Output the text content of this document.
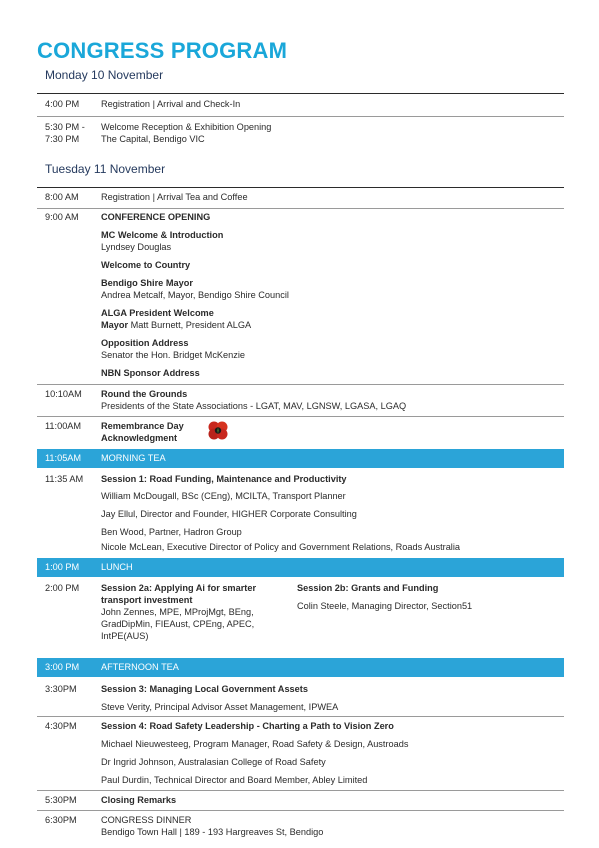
CONGRESS PROGRAM
Monday 10 November
4:00 PM Registration | Arrival and Check-In
5:30 PM -
7:30 PM
Welcome Reception & Exhibition Opening
The Capital, Bendigo VIC
Tuesday 11 November
8:00 AM Registration | Arrival Tea and Coffee
9:00 AM CONFERENCE OPENING
MC Welcome & Introduction
Lyndsey Douglas
Welcome to Country
Bendigo Shire Mayor
Andrea Metcalf, Mayor, Bendigo Shire Council
ALGA President Welcome
Mayor Matt Burnett, President ALGA
Opposition Address
Senator the Hon. Bridget McKenzie
NBN Sponsor Address
10:10AM Round the Grounds
Presidents of the State Associations - LGAT, MAV, LGNSW, LGASA, LGAQ
11:00AM Remembrance Day
Acknowledgment
11:05AM MORNING TEA
11:35 AM Session 1: Road Funding, Maintenance and Productivity
William McDougall, BSc (CEng), MCILTA, Transport Planner
Jay Ellul, Director and Founder, HIGHER Corporate Consulting
Ben Wood, Partner, Hadron Group
Nicole McLean, Executive Director of Policy and Government Relations, Roads Australia
1:00 PM LUNCH
2:00 PM Session 2a: Applying Ai for smarter
transport investment
John Zennes, MPE, MProjMgt, BEng,
GradDipMin, FIEAust, CPEng, APEC,
IntPE(AUS)
Session 2b: Grants and Funding
Colin Steele, Managing Director, Section51
3:00 PM AFTERNOON TEA
3:30PM	Session 3: Managing Local Government Assets
Steve Verity, Principal Advisor Asset Management, IPWEA
4:30PM	Session 4: Road Safety Leadership - Charting a Path to Vision Zero
Michael Nieuwesteeg, Program Manager, Road Safety & Design, Austroads
Dr Ingrid Johnson, Australasian College of Road Safety
Paul Durdin, Technical Director and Board Member, Abley Limited
5:30PM	Closing Remarks
6:30PM	CONGRESS DINNER
Bendigo Town Hall | 189 - 193 Hargreaves St, Bendigo
